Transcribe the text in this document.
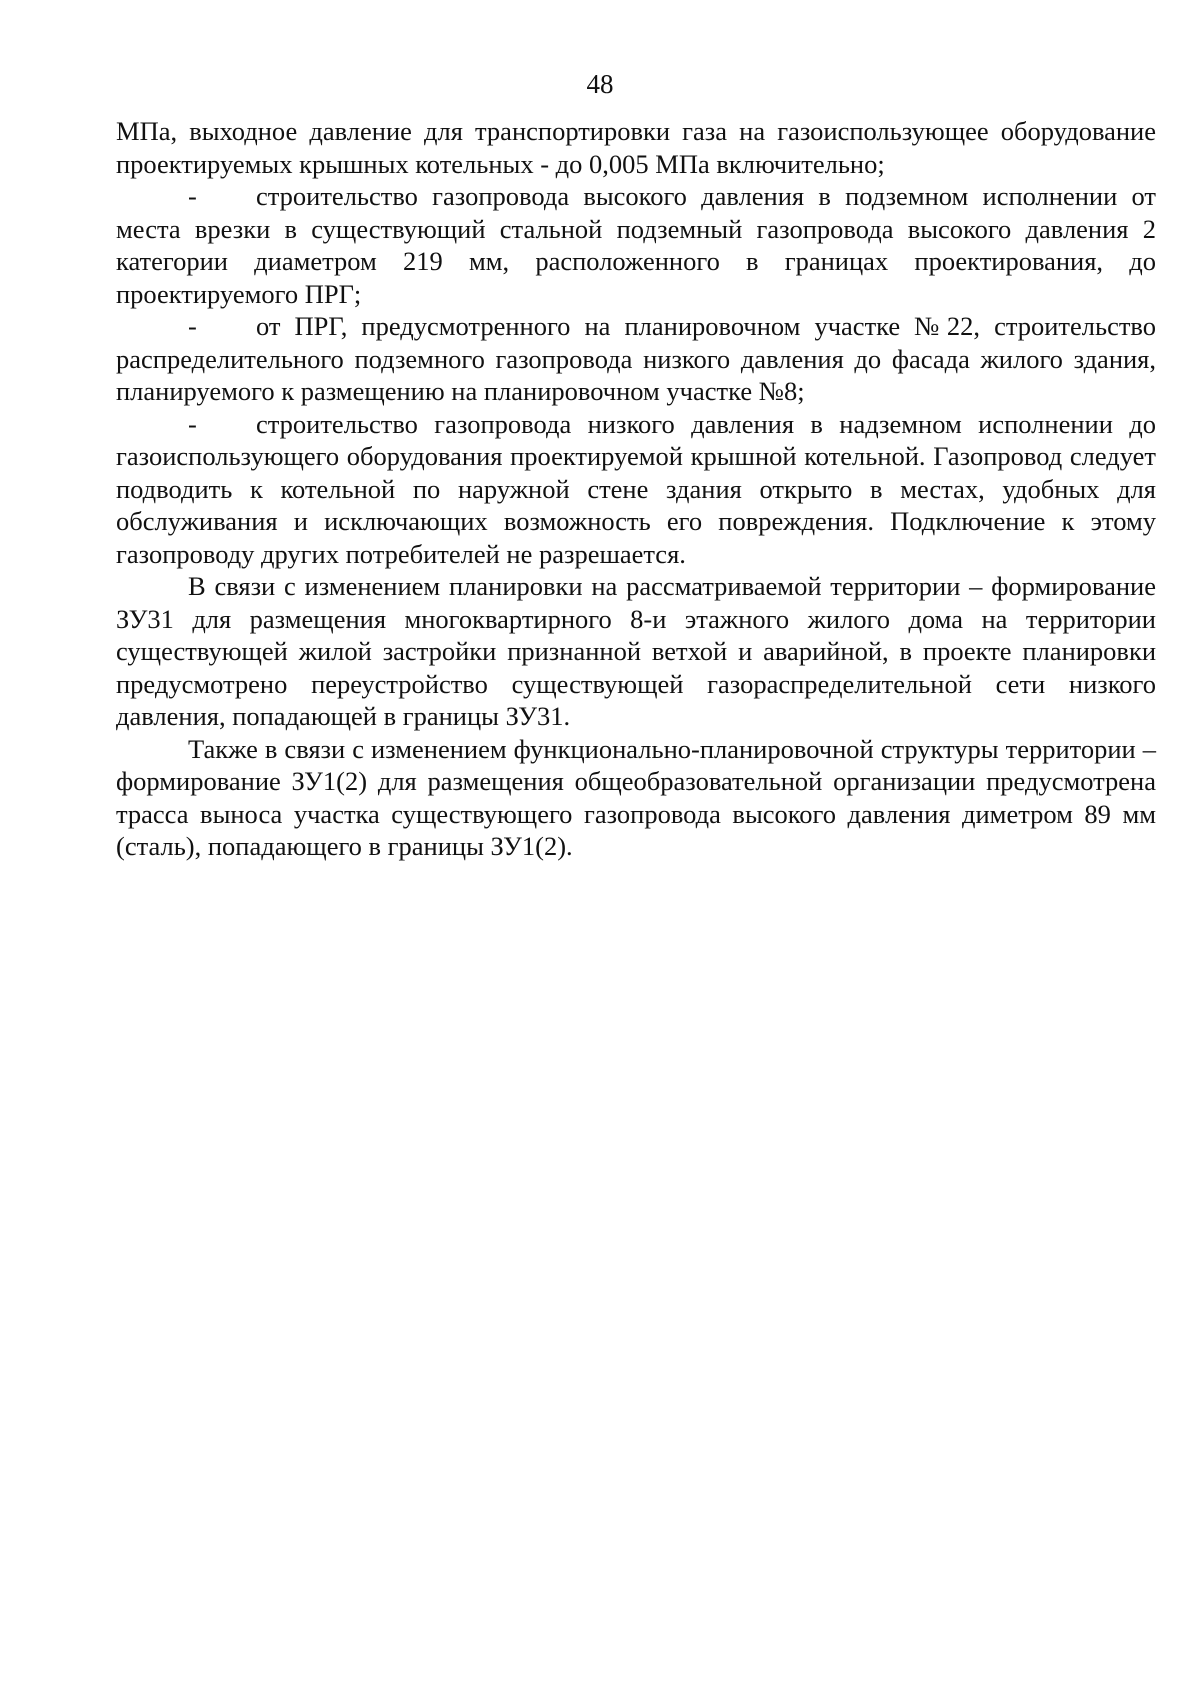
48

МПа, выходное давление для транспортировки газа на газоиспользующее оборудование проектируемых крышных котельных - до 0,005 МПа включительно;

- строительство газопровода высокого давления в подземном исполнении от места врезки в существующий стальной подземный газопровода высокого давления 2 категории диаметром 219 мм, расположенного в границах проектирования, до проектируемого ПРГ;

- от ПРГ, предусмотренного на планировочном участке №22, строительство распределительного подземного газопровода низкого давления до фасада жилого здания, планируемого к размещению на планировочном участке №8;

- строительство газопровода низкого давления в надземном исполнении до газоиспользующего оборудования проектируемой крышной котельной. Газопровод следует подводить к котельной по наружной стене здания открыто в местах, удобных для обслуживания и исключающих возможность его повреждения. Подключение к этому газопроводу других потребителей не разрешается.

В связи с изменением планировки на рассматриваемой территории – формирование ЗУ31 для размещения многоквартирного 8-и этажного жилого дома на территории существующей жилой застройки признанной ветхой и аварийной, в проекте планировки предусмотрено переустройство существующей газораспределительной сети низкого давления, попадающей в границы ЗУ31.

Также в связи с изменением функционально-планировочной структуры территории – формирование ЗУ1(2) для размещения общеобразовательной организации предусмотрена трасса выноса участка существующего газопровода высокого давления диметром 89 мм (сталь), попадающего в границы ЗУ1(2).
